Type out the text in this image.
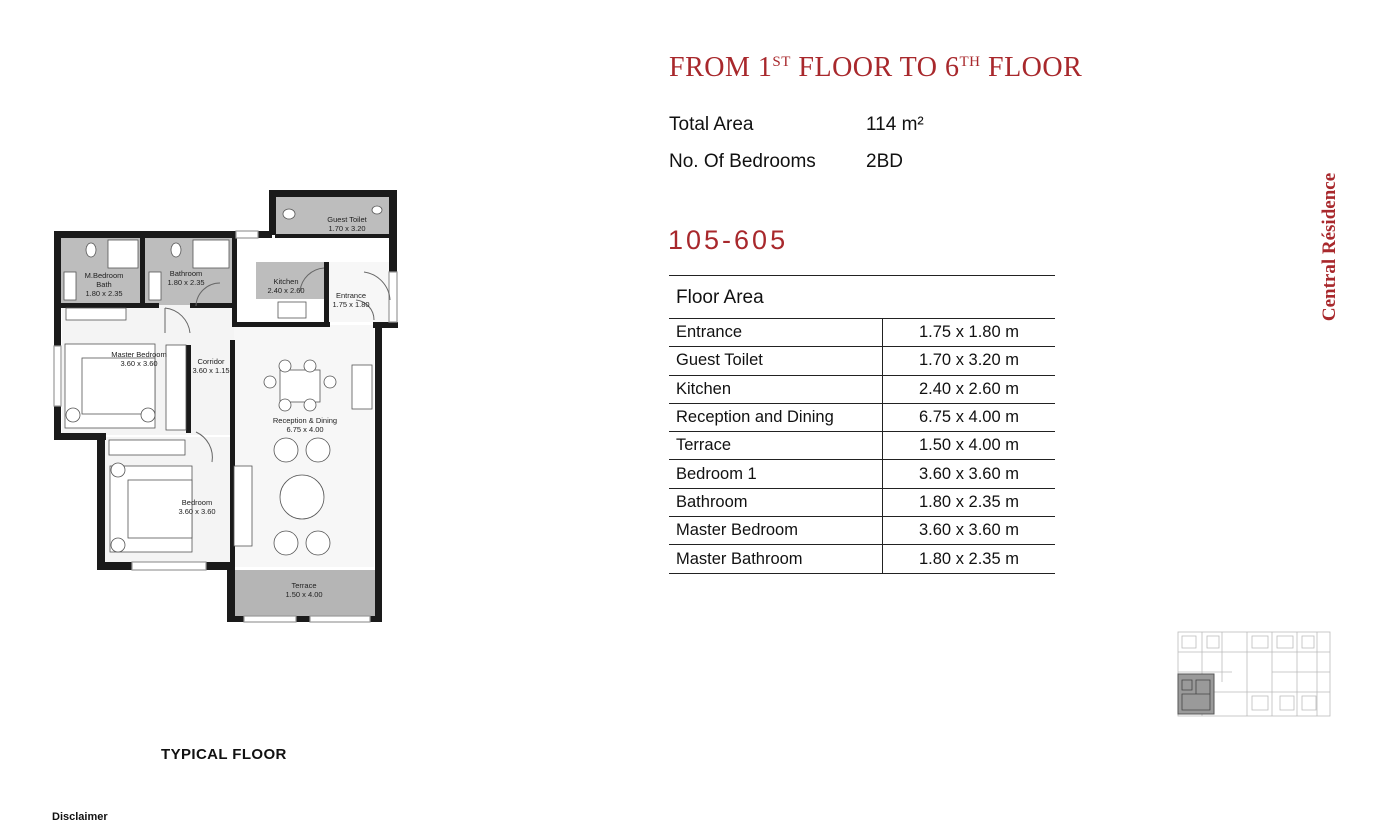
Guest Toilet
1.70 x 3.20
M.Bedroom
Bath
1.80 x 2.35
Bathroom
1.80 x 2.35	Kitchen
2.40 x 2.60
Entrance
1.75 x 1.80
Master Bedroom
3.60 x 3.60	Corridor
3.60 x 1.15
Reception & Dining
6.75 x 4.00
Bedroom
3.60 x 3.60
Terrace
1.50 x 4.00
TYPICAL FLOOR
Disclaimer
FROM 1ST FLOOR TO 6TH FLOOR
Total Area	114 m²
No. Of Bedrooms	2BD
105-605
Floor Area	
Entrance	1.75 x 1.80 m
Guest Toilet	1.70 x 3.20 m
Kitchen	2.40 x 2.60 m
Reception and Dining	6.75 x 4.00 m
Terrace	1.50 x 4.00 m
Bedroom 1	3.60 x 3.60 m
Bathroom	1.80 x 2.35 m
Master Bedroom	3.60 x 3.60 m
Master Bathroom	1.80 x 2.35 m
Central Résidence
